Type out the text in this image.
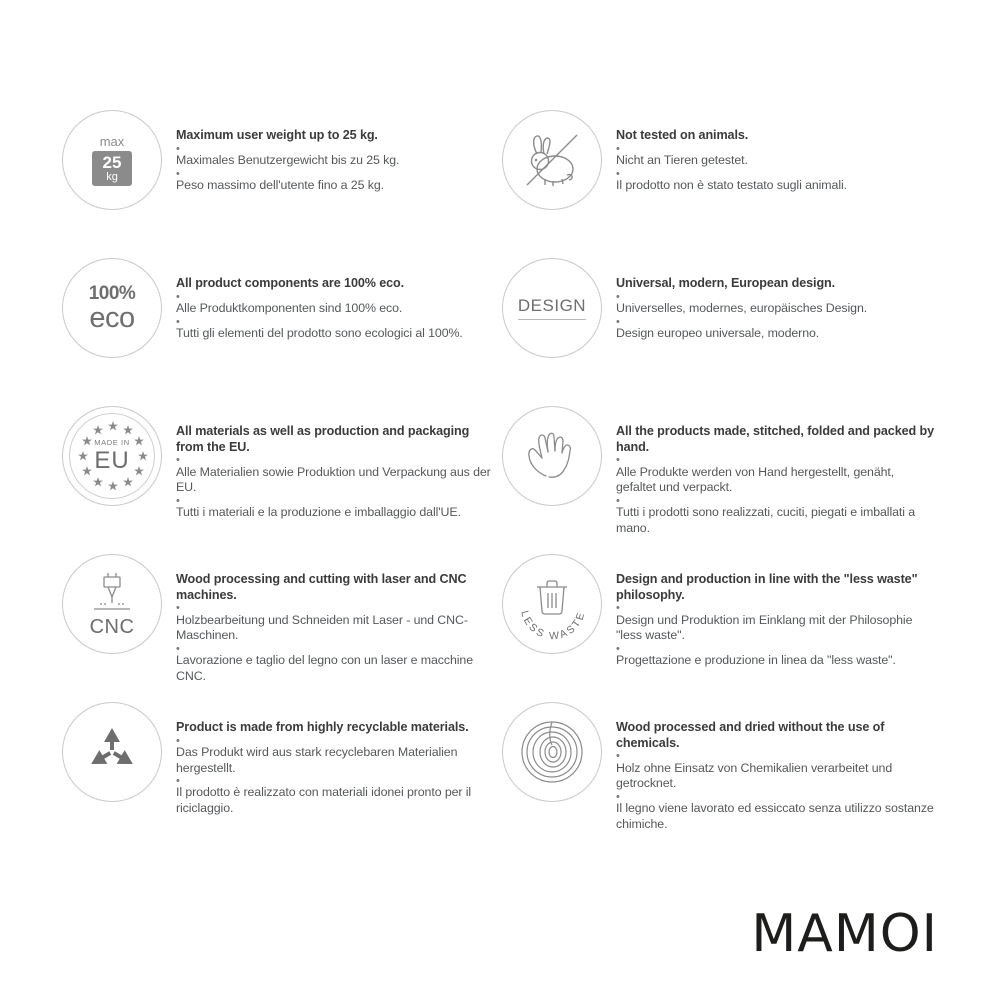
max
25
kg

Maximum user weight up to 25 kg.

•

Maximales Benutzergewicht bis zu 25 kg.

•

Peso massimo dell'utente fino a 25 kg.

Not tested on animals.

•

Nicht an Tieren getestet.

•

Il prodotto non è stato testato sugli animali.

100%
eco

All product components are 100% eco.

•

Alle Produktkomponenten sind 100% eco.

•

Tutti gli elementi del prodotto sono ecologici al 100%.

DESIGN

Universal, modern, European design.

•

Universelles, modernes, europäisches Design.

•

Design europeo universale, moderno.

MADE IN
EU

All materials as well as production and packaging from the EU.

•

Alle Materialien sowie Produktion und Verpackung aus der EU.

•

Tutti i materiali e la produzione e imballaggio dall'UE.

All the products made, stitched, folded and packed by hand.

•

Alle Produkte werden von Hand hergestellt, genäht, gefaltet und verpackt.

•

Tutti i prodotti sono realizzati, cuciti, piegati e imballati a mano.

CNC

Wood processing and cutting with laser and CNC machines.

•

Holzbearbeitung und Schneiden mit Laser - und CNC-Maschinen.

•

Lavorazione e taglio del legno con un laser e macchine CNC.

LESS WASTE

Design and production in line with the "less waste" philosophy.

•

Design und Produktion im Einklang mit der Philosophie "less waste".

•

Progettazione e produzione in linea da "less waste".

Product is made from highly recyclable materials.

•

Das Produkt wird aus stark recyclebaren Materialien hergestellt.

•

Il prodotto è realizzato con materiali idonei pronto per il riciclaggio.

Wood processed and dried without the use of chemicals.

•

Holz ohne Einsatz von Chemikalien verarbeitet und getrocknet.

•

Il legno viene lavorato ed essiccato senza utilizzo sostanze chimiche.

MAMOI
